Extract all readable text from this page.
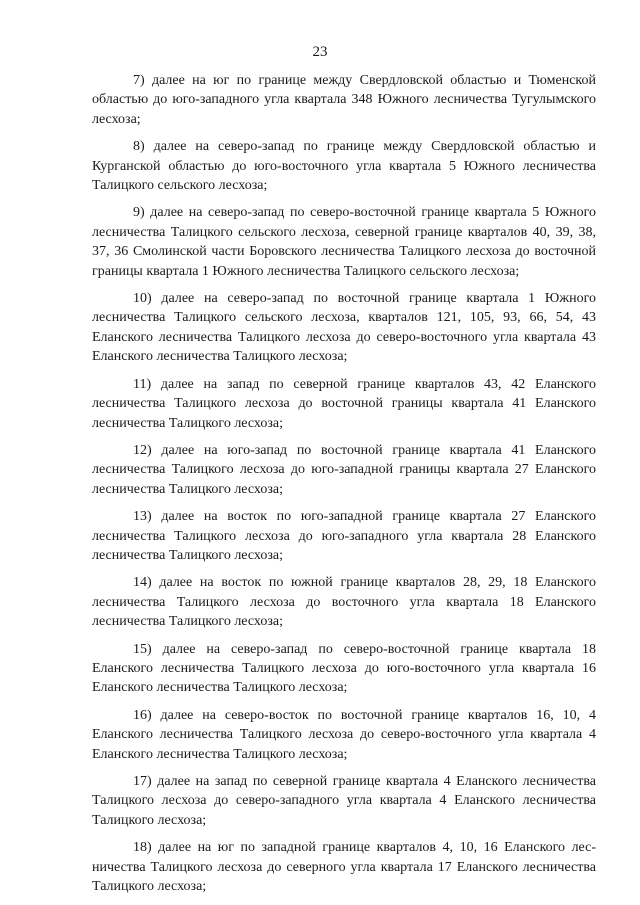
23

7) далее на юг по границе между Свердловской областью и Тюменской областью до юго-западного угла квартала 348 Южного лесничества Тугулымского лесхоза;

8) далее на северо-запад по границе между Свердловской областью и Курганской областью до юго-восточного угла квартала 5 Южного лесничества Талицкого сельского лесхоза;

9) далее на северо-запад по северо-восточной границе квартала 5 Южного лесничества Талицкого сельского лесхоза, северной границе кварталов 40, 39, 38, 37, 36 Смолинской части Боровского лесничества Талицкого лесхоза до восточной границы квартала 1 Южного лесничества Талицкого сельского лесхоза;

10) далее на северо-запад по восточной границе квартала 1 Южного лесничества Талицкого сельского лесхоза, кварталов 121, 105, 93, 66, 54, 43 Еланского лесничества Талицкого лесхоза до северо-восточного угла квартала 43 Еланского лесничества Талицкого лесхоза;

11) далее на запад по северной границе кварталов 43, 42 Еланского лесничества Талицкого лесхоза до восточной границы квартала 41 Еланского лесничества Талицкого лесхоза;

12) далее на юго-запад по восточной границе квартала 41 Еланского лесничества Талицкого лесхоза до юго-западной границы квартала 27 Еланского лесничества Талицкого лесхоза;

13) далее на восток по юго-западной границе квартала 27 Еланского лесничества Талицкого лесхоза до юго-западного угла квартала 28 Еланского лесничества Талицкого лесхоза;

14) далее на восток по южной границе кварталов 28, 29, 18 Еланского лесничества Талицкого лесхоза до восточного угла квартала 18 Еланского лесничества Талицкого лесхоза;

15) далее на северо-запад по северо-восточной границе квартала 18 Еланского лесничества Талицкого лесхоза до юго-восточного угла квартала 16 Еланского лесничества Талицкого лесхоза;

16) далее на северо-восток по восточной границе кварталов 16, 10, 4 Еланского лесничества Талицкого лесхоза до северо-восточного угла квартала 4 Еланского лесничества Талицкого лесхоза;

17) далее на запад по северной границе квартала 4 Еланского лесничества Талицкого лесхоза до северо-западного угла квартала 4 Еланского лесничества Талицкого лесхоза;

18) далее на юг по западной границе кварталов 4, 10, 16 Еланского лесничества Талицкого лесхоза до северного угла квартала 17 Еланского лесничества Талицкого лесхоза;
